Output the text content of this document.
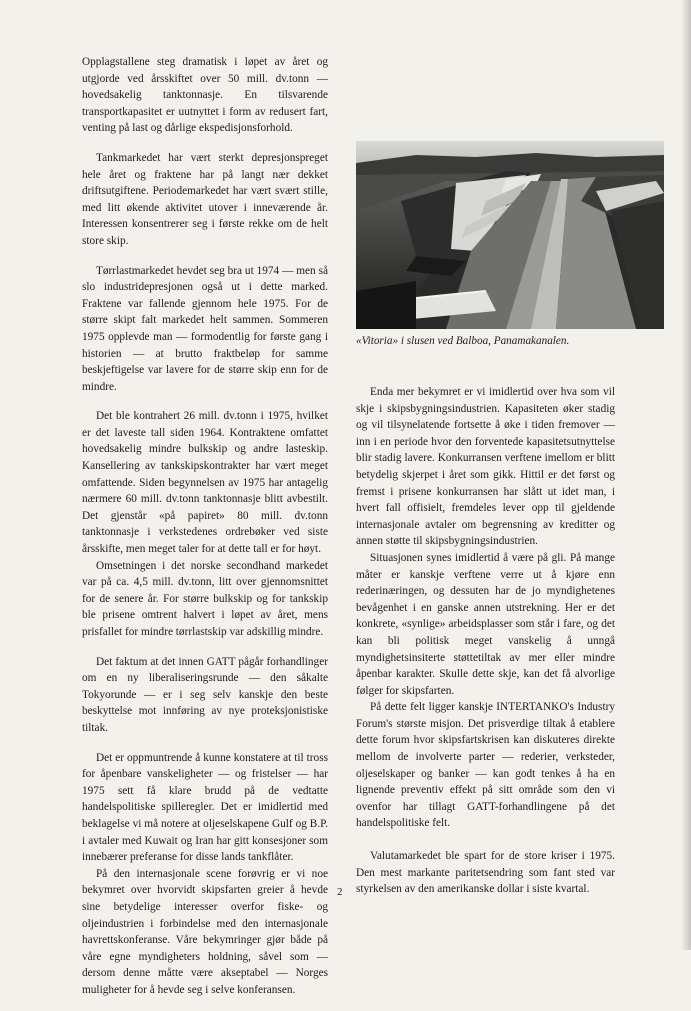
Opplagstallene steg dramatisk i løpet av året og utgjorde ved årsskiftet over 50 mill. dv.tonn — hovedsakelig tanktonnasje. En tilsvarende transportkapasitet er uutnyttet i form av redusert fart, venting på last og dårlige ekspedisjonsforhold.

Tankmarkedet har vært sterkt depresjonspreget hele året og fraktene har på langt nær dekket driftsutgiftene. Periodemarkedet har vært svært stille, med litt økende aktivitet utover i inneværende år. Interessen konsentrerer seg i første rekke om de helt store skip.

Tørrlastmarkedet hevdet seg bra ut 1974 — men så slo industridepresjonen også ut i dette marked. Fraktene var fallende gjennom hele 1975. For de større skipt falt markedet helt sammen. Sommeren 1975 opplevde man — formodentlig for første gang i historien — at brutto fraktbeløp for samme beskjeftigelse var lavere for de større skip enn for de mindre.

Det ble kontrahert 26 mill. dv.tonn i 1975, hvilket er det laveste tall siden 1964. Kontraktene omfattet hovedsakelig mindre bulkskip og andre lasteskip. Kansellering av tankskipskontrakter har vært meget omfattende. Siden begynnelsen av 1975 har antagelig nærmere 60 mill. dv.tonn tanktonnasje blitt avbestilt. Det gjenstår «på papiret» 80 mill. dv.tonn tanktonnasje i verkstedenes ordrebøker ved siste årsskifte, men meget taler for at dette tall er for høyt.

Omsetningen i det norske secondhand markedet var på ca. 4,5 mill. dv.tonn, litt over gjennomsnittet for de senere år. For større bulkskip og for tankskip ble prisene omtrent halvert i løpet av året, mens prisfallet for mindre tørrlastskip var adskillig mindre.

Det faktum at det innen GATT pågår forhandlinger om en ny liberaliseringsrunde — den såkalte Tokyorunde — er i seg selv kanskje den beste beskyttelse mot innføring av nye proteksjonistiske tiltak.

Det er oppmuntrende å kunne konstatere at til tross for åpenbare vanskeligheter — og fristelser — har 1975 sett få klare brudd på de vedtatte handelspolitiske spilleregler. Det er imidlertid med beklagelse vi må notere at oljeselskapene Gulf og B.P. i avtaler med Kuwait og Iran har gitt konsesjoner som innebærer preferanse for disse lands tankflåter.

På den internasjonale scene forøvrig er vi noe bekymret over hvorvidt skipsfarten greier å hevde sine betydelige interesser overfor fiske- og oljeindustrien i forbindelse med den internasjonale havrettskonferanse. Våre bekymringer gjør både på våre egne myndigheters holdning, såvel som — dersom denne måtte være akseptabel — Norges muligheter for å hevde seg i selve konferansen.

«Vitoria» i slusen ved Balboa, Panamakanalen.

Enda mer bekymret er vi imidlertid over hva som vil skje i skipsbygningsindustrien. Kapasiteten øker stadig og vil tilsynelatende fortsette å øke i tiden fremover — inn i en periode hvor den forventede kapasitetsutnyttelse blir stadig lavere. Konkurransen verftene imellom er blitt betydelig skjerpet i året som gikk. Hittil er det først og fremst i prisene konkurransen har slått ut idet man, i hvert fall offisielt, fremdeles lever opp til gjeldende internasjonale avtaler om begrensning av kreditter og annen støtte til skipsbygningsindustrien.

Situasjonen synes imidlertid å være på gli. På mange måter er kanskje verftene verre ut å kjøre enn rederinæringen, og dessuten har de jo myndighetenes bevågenhet i en ganske annen utstrekning. Her er det konkrete, «synlige» arbeidsplasser som står i fare, og det kan bli politisk meget vanskelig å unngå myndighetsinsiterte støttetiltak av mer eller mindre åpenbar karakter. Skulle dette skje, kan det få alvorlige følger for skipsfarten.

På dette felt ligger kanskje INTERTANKO's Industry Forum's største misjon. Det prisverdige tiltak å etablere dette forum hvor skipsfartskrisen kan diskuteres direkte mellom de involverte parter — rederier, verksteder, oljeselskaper og banker — kan godt tenkes å ha en lignende preventiv effekt på sitt område som den vi ovenfor har tillagt GATT-forhandlingene på det handelspolitiske felt.

Valutamarkedet ble spart for de store kriser i 1975. Den mest markante paritetsendring som fant sted var styrkelsen av den amerikanske dollar i siste kvartal.

2
